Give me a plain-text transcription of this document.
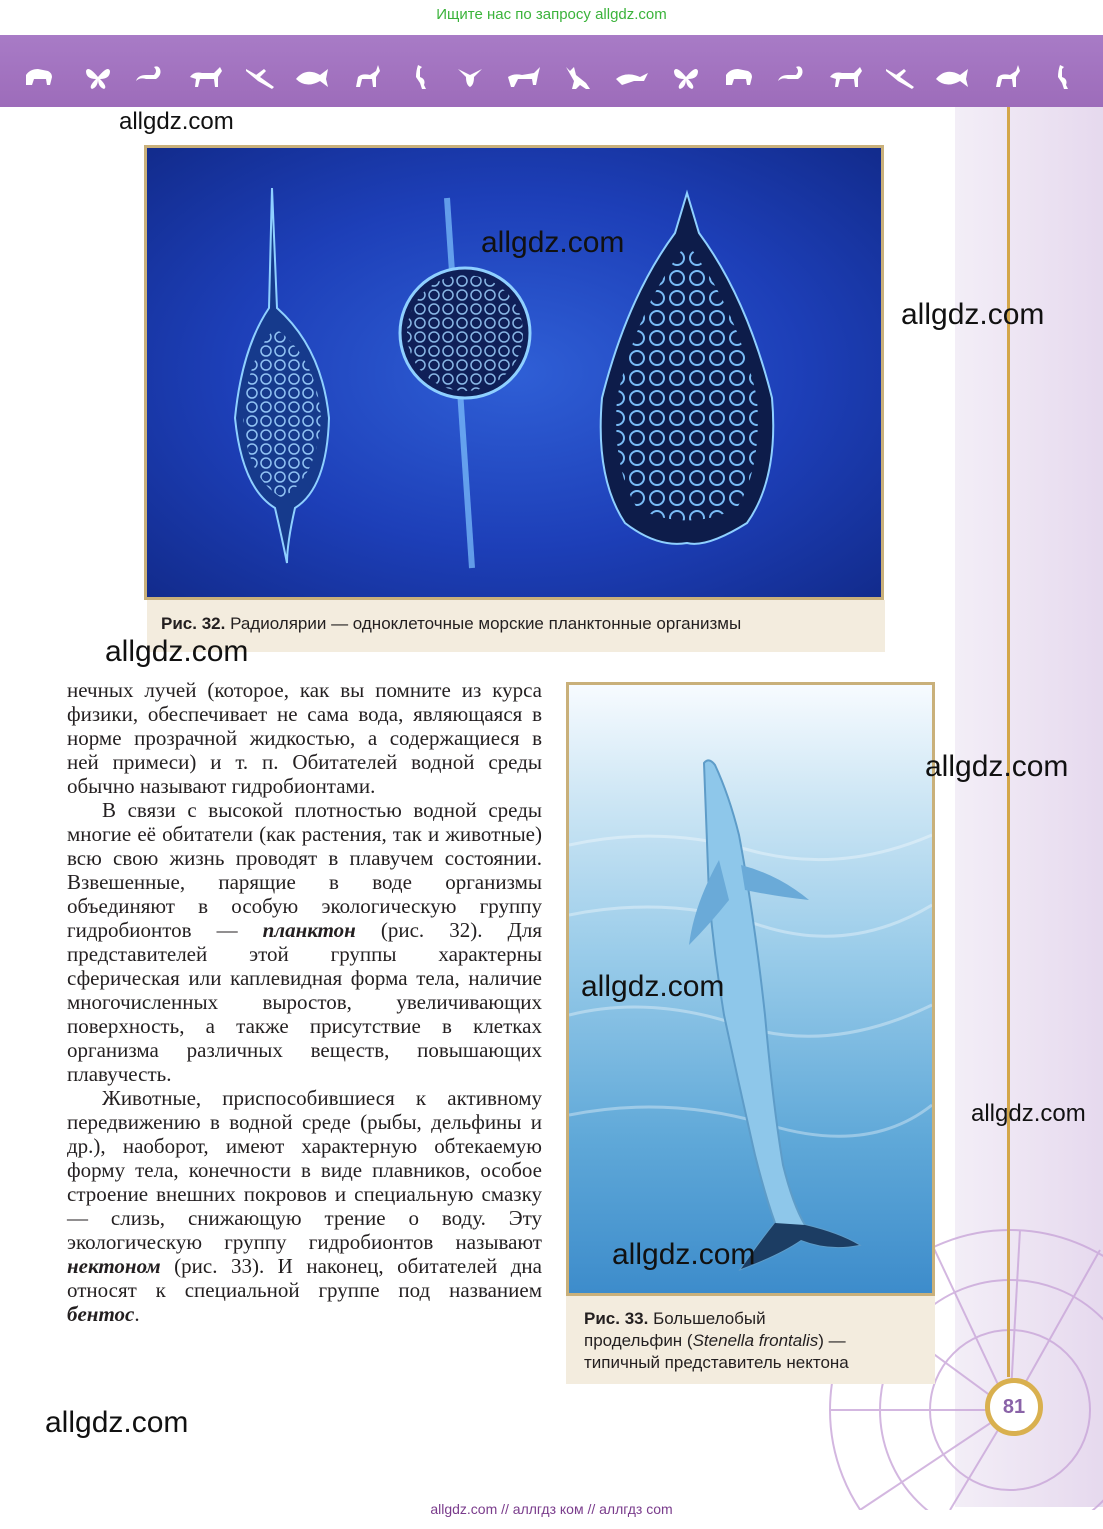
Ищите нас по запросу allgdz.com
Рис. 32. Радиолярии — одноклеточные морские планктонные организмы

нечных лучей (которое, как вы помните из курса физики, обеспечивает не сама вода, являющаяся в норме прозрачной жидкостью, а содержащиеся в ней примеси) и т. п. Обитателей водной среды обычно называют гидробионтами.

В связи с высокой плотностью водной среды многие её обитатели (как растения, так и животные) всю свою жизнь проводят в плавучем состоянии. Взвешенные, парящие в воде организмы объединяют в особую экологическую группу гидробионтов — планктон (рис. 32). Для представителей этой группы характерны сферическая или каплевидная форма тела, наличие многочисленных выростов, увеличивающих поверхность, а также присутствие в клетках организма различных веществ, повышающих плавучесть.

Животные, приспособившиеся к активному передвижению в водной среде (рыбы, дельфины и др.), наоборот, имеют характерную обтекаемую форму тела, конечности в виде плавников, особое строение внешних покровов и специальную смазку — слизь, снижающую трение о воду. Эту экологическую группу гидробионтов называют нектоном (рис. 33). И наконец, обитателей дна относят к специальной группе под названием бентос.	Рис. 33. Большелобый
продельфин (Stenella frontalis) —
типичный представитель нектона
81
allgdz.com
allgdz.com
allgdz.com
allgdz.com
allgdz.com
allgdz.com
allgdz.com
allgdz.com
allgdz.com
allgdz.com // аллгдз ком // аллгдз com
